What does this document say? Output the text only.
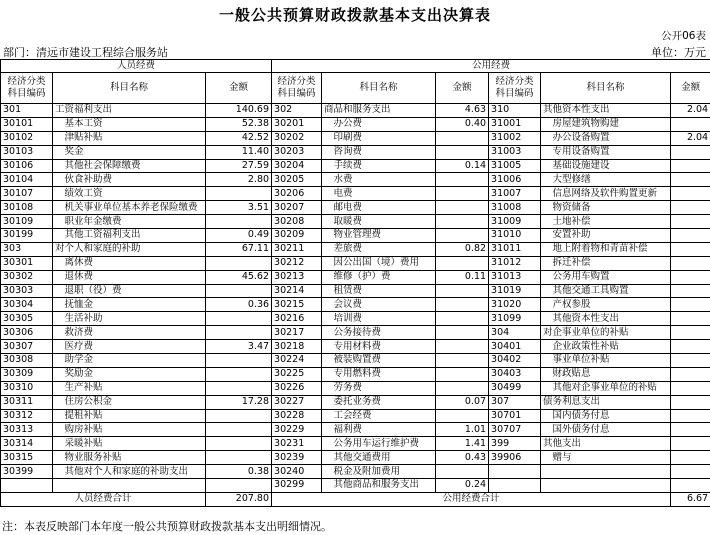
一般公共预算财政拨款基本支出决算表
公开06表
部门：清远市建设工程综合服务站	单位：万元
人员经费			公用经费					
经济分类科目编码	科目名称	金额	经济分类科目编码	科目名称	金额	经济分类科目编码	科目名称	金额
301	工资福利支出	140.69	302	商品和服务支出	4.63	310	其他资本性支出	2.04
30101	　基本工资	52.38	30201	　办公费	0.40	31001	　房屋建筑物购建	
30102	　津贴补贴	42.52	30202	　印刷费		31002	　办公设备购置	2.04
30103	　奖金	11.40	30203	　咨询费		31003	　专用设备购置	
30106	　其他社会保障缴费	27.59	30204	　手续费	0.14	31005	　基础设施建设	
30104	　伙食补助费	2.80	30205	　水费		31006	　大型修缮	
30107	　绩效工资		30206	　电费		31007	　信息网络及软件购置更新	
30108	　机关事业单位基本养老保险缴费	3.51	30207	　邮电费		31008	　物资储备	
30109	　职业年金缴费		30208	　取暖费		31009	　土地补偿	
30199	　其他工资福利支出	0.49	30209	　物业管理费		31010	　安置补助	
303	对个人和家庭的补助	67.11	30211	　差旅费	0.82	31011	　地上附着物和青苗补偿	
30301	　离休费		30212	　因公出国（境）费用		31012	　拆迁补偿	
30302	　退休费	45.62	30213	　维修（护）费	0.11	31013	　公务用车购置	
30303	　退职（役）费		30214	　租赁费		31019	　其他交通工具购置	
30304	　抚恤金	0.36	30215	　会议费		31020	　产权参股	
30305	　生活补助		30216	　培训费		31099	　其他资本性支出	
30306	　救济费		30217	　公务接待费		304	对企事业单位的补贴	
30307	　医疗费	3.47	30218	　专用材料费		30401	　企业政策性补贴	
30308	　助学金		30224	　被装购置费		30402	　事业单位补贴	
30309	　奖励金		30225	　专用燃料费		30403	　财政贴息	
30310	　生产补贴		30226	　劳务费		30499	　其他对企事业单位的补贴	
30311	　住房公积金	17.28	30227	　委托业务费	0.07	307	债务利息支出	
30312	　提租补贴		30228	　工会经费		30701	　国内债务付息	
30313	　购房补贴		30229	　福利费	1.01	30707	　国外债务付息	
30314	　采暖补贴		30231	　公务用车运行维护费	1.41	399	其他支出	
30315	　物业服务补贴		30239	　其他交通费用	0.43	39906	　赠与	
30399	　其他对个人和家庭的补助支出	0.38	30240	　税金及附加费用				
			30299	　其他商品和服务支出	0.24			
人员经费合计		207.80	公用经费合计					6.67
注：本表反映部门本年度一般公共预算财政拨款基本支出明细情况。
